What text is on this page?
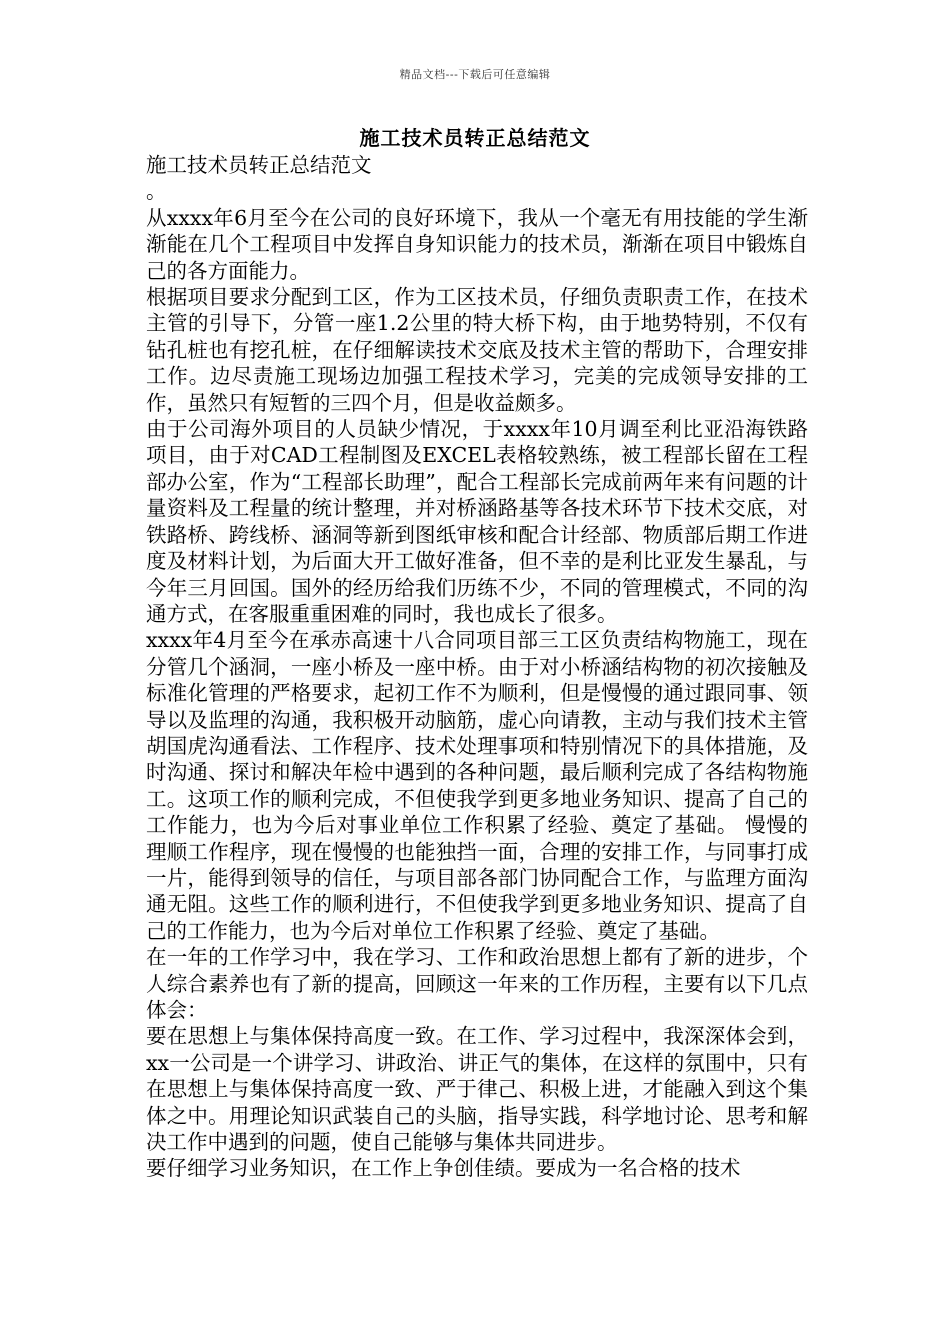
精品文档---下载后可任意编辑
施工技术员转正总结范文

施工技术员转正总结范文

。

从xxxx年6月至今在公司的良好环境下，我从一个毫无有用技能的学生渐渐能在几个工程项目中发挥自身知识能力的技术员，渐渐在项目中锻炼自己的各方面能力。

根据项目要求分配到工区，作为工区技术员，仔细负责职责工作，在技术主管的引导下，分管一座1.2公里的特大桥下构，由于地势特别，不仅有钻孔桩也有挖孔桩，在仔细解读技术交底及技术主管的帮助下，合理安排工作。边尽责施工现场边加强工程技术学习，完美的完成领导安排的工作，虽然只有短暂的三四个月，但是收益颇多。

由于公司海外项目的人员缺少情况，于xxxx年10月调至利比亚沿海铁路项目，由于对CAD工程制图及EXCEL表格较熟练，被工程部长留在工程部办公室，作为“工程部长助理”，配合工程部长完成前两年来有问题的计量资料及工程量的统计整理，并对桥涵路基等各技术环节下技术交底，对铁路桥、跨线桥、涵洞等新到图纸审核和配合计经部、物质部后期工作进度及材料计划，为后面大开工做好准备，但不幸的是利比亚发生暴乱，与今年三月回国。国外的经历给我们历练不少，不同的管理模式，不同的沟通方式，在客服重重困难的同时，我也成长了很多。

xxxx年4月至今在承赤高速十八合同项目部三工区负责结构物施工，现在分管几个涵洞，一座小桥及一座中桥。由于对小桥涵结构物的初次接触及标准化管理的严格要求，起初工作不为顺利，但是慢慢的通过跟同事、领导以及监理的沟通，我积极开动脑筋，虚心向请教，主动与我们技术主管胡国虎沟通看法、工作程序、技术处理事项和特别情况下的具体措施，及时沟通、探讨和解决年检中遇到的各种问题，最后顺利完成了各结构物施工。这项工作的顺利完成，不但使我学到更多地业务知识、提高了自己的工作能力，也为今后对事业单位工作积累了经验、奠定了基础。 慢慢的理顺工作程序，现在慢慢的也能独挡一面，合理的安排工作，与同事打成一片，能得到领导的信任，与项目部各部门协同配合工作，与监理方面沟通无阻。这些工作的顺利进行，不但使我学到更多地业务知识、提高了自己的工作能力，也为今后对单位工作积累了经验、奠定了基础。

在一年的工作学习中，我在学习、工作和政治思想上都有了新的进步，个人综合素养也有了新的提高，回顾这一年来的工作历程，主要有以下几点体会：

要在思想上与集体保持高度一致。在工作、学习过程中，我深深体会到，xx一公司是一个讲学习、讲政治、讲正气的集体，在这样的氛围中，只有在思想上与集体保持高度一致、严于律己、积极上进，才能融入到这个集体之中。用理论知识武装自己的头脑，指导实践，科学地讨论、思考和解决工作中遇到的问题，使自己能够与集体共同进步。

要仔细学习业务知识，在工作上争创佳绩。要成为一名合格的技术
